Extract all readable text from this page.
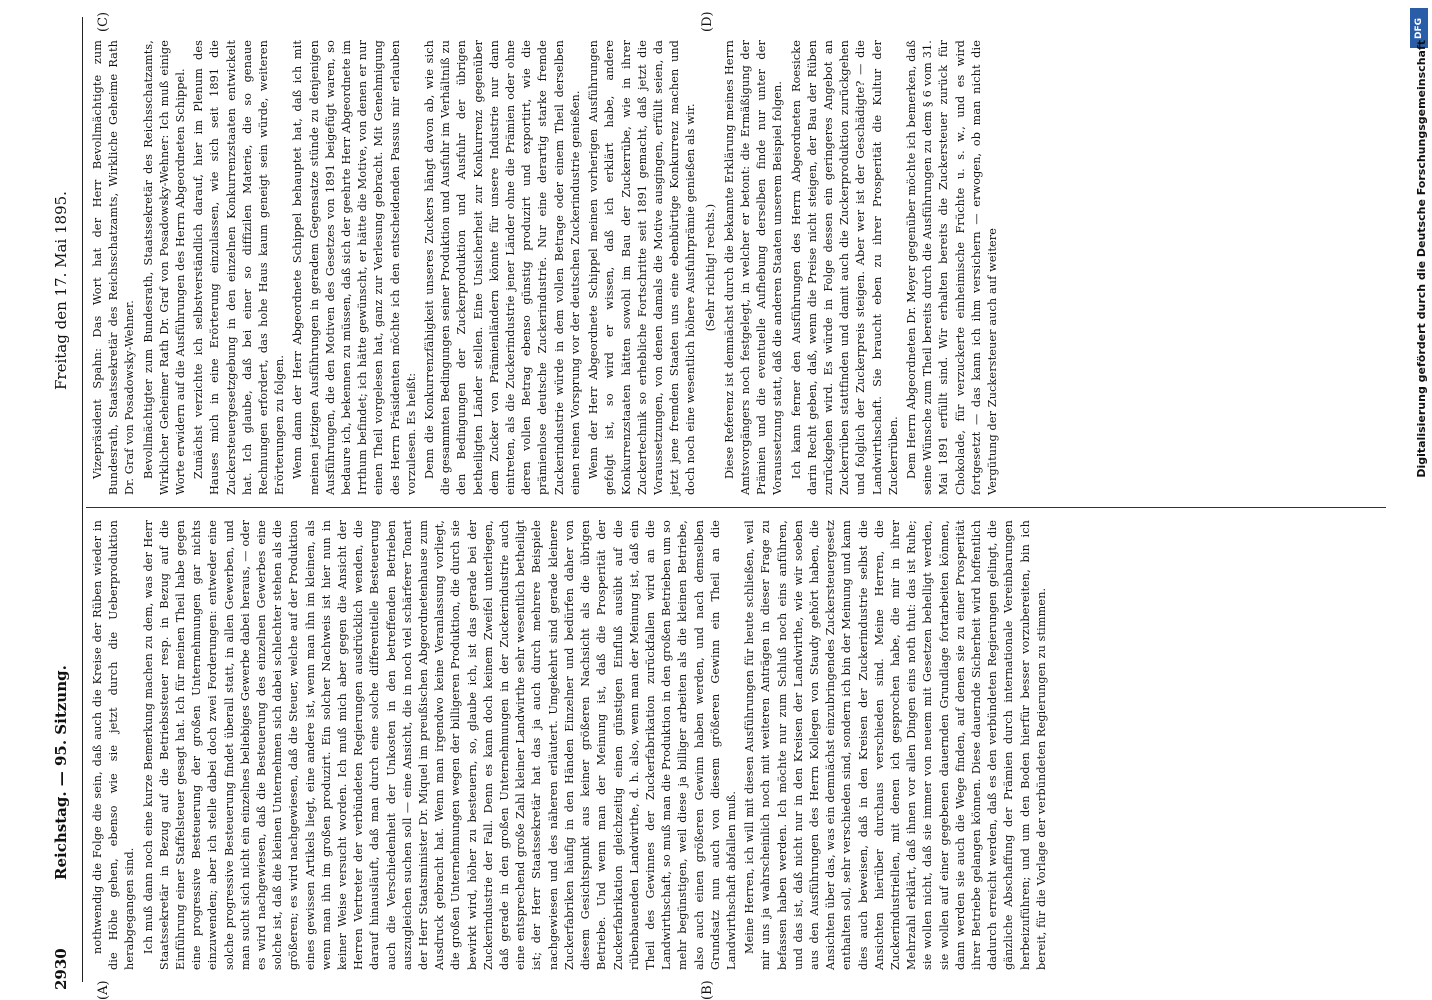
2930
Reichstag. — 95. Sitzung.
Freitag den 17. Mai 1895.
(A)	(B)
(C)	(D)

nothwendig die Folge die sein, daß auch die Kreise der Rüben wieder in die Höhe gehen, ebenso wie sie jetzt durch die Ueberproduktion herabgegangen sind. Ich muß dann noch eine kurze Bemerkung machen zu dem, was der Herr Staatssekretär in Bezug auf die Betriebssteuer resp. in Bezug auf die Einführung einer Staffelsteuer gesagt hat. Ich für meinen Theil habe gegen eine progressive Besteuerung der großen Unternehmungen gar nichts einzuwenden; aber ich stelle dabei doch zwei Forderungen: entweder eine solche progressive Besteuerung findet überall statt, in allen Gewerben, und man sucht sich nicht ein einzelnes beliebiges Gewerbe dabei heraus, — oder es wird nachgewiesen, daß die Besteuerung des einzelnen Gewerbes eine solche ist, daß die kleinen Unternehmen sich dabei schlechter stehen als die größeren; es wird nachgewiesen, daß die Steuer, welche auf der Produktion eines gewissen Artikels liegt, eine andere ist, wenn man ihn im kleinen, als wenn man ihn im großen produzirt. Ein solcher Nachweis ist hier nun in keiner Weise versucht worden. Ich muß mich aber gegen die Ansicht der Herren Vertreter der verbündeten Regierungen ausdrücklich wenden, die darauf hinausläuft, daß man durch eine solche differentielle Besteuerung auch die Verschiedenheit der Unkosten in den betreffenden Betrieben auszugleichen suchen soll — eine Ansicht, die in noch viel schärferer Tonart der Herr Staatsminister Dr. Miquel im preußischen Abgeordnetenhause zum Ausdruck gebracht hat. Wenn man irgendwo keine Veranlassung vorliegt, die großen Unternehmungen wegen der billigeren Produktion, die durch sie bewirkt wird, höher zu besteuern, so, glaube ich, ist das gerade bei der Zuckerindustrie der Fall. Denn es kann doch keinem Zweifel unterliegen, daß gerade in den großen Unternehmungen in der Zuckerindustrie auch eine entsprechend große Zahl kleiner Landwirthe sehr wesentlich betheiligt ist; der Herr Staatssekretär hat das ja auch durch mehrere Beispiele nachgewiesen und des näheren erläutert. Umgekehrt sind gerade kleinere Zuckerfabriken häufig in den Händen Einzelner und bedürfen daher von diesem Gesichtspunkt aus keiner größeren Nachsicht als die übrigen Betriebe. Und wenn man der Meinung ist, daß die Prosperität der Zuckerfabrikation gleichzeitig einen günstigen Einfluß ausübt auf die rübenbauenden Landwirthe, d. h. also, wenn man der Meinung ist, daß ein Theil des Gewinnes der Zuckerfabrikation zurückfallen wird an die Landwirthschaft, so muß man die Produktion in den großen Betrieben um so mehr begünstigen, weil diese ja billiger arbeiten als die kleinen Betriebe, also auch einen größeren Gewinn haben werden, und nach demselben Grundsatz nun auch von diesem größeren Gewinn ein Theil an die Landwirthschaft abfallen muß. Meine Herren, ich will mit diesen Ausführungen für heute schließen, weil mir uns ja wahrscheinlich noch mit weiteren Anträgen in dieser Frage zu befassen haben werden. Ich möchte nur zum Schluß noch eins anführen, und das ist, daß nicht nur in den Kreisen der Landwirthe, wie wir soeben aus den Ausführungen des Herrn Kollegen von Staudy gehört haben, die Ansichten über das, was ein demnächst einzubringendes Zuckersteuergesetz enthalten soll, sehr verschieden sind, sondern ich bin der Meinung und kann dies auch beweisen, daß in den Kreisen der Zuckerindustrie selbst die Ansichten hierüber durchaus verschieden sind. Meine Herren, die Zuckerindustriellen, mit denen ich gesprochen habe, die mir in ihrer Mehrzahl erklärt, daß ihnen vor allen Dingen eins noth thut: das ist Ruhe; sie wollen nicht, daß sie immer von neuem mit Gesetzen behelligt werden, sie wollen auf einer gegebenen dauernden Grundlage fortarbeiten können, dann werden sie auch die Wege finden, auf denen sie zu einer Prosperität ihrer Betriebe gelangen können. Diese dauernde Sicherheit wird hoffentlich dadurch erreicht werden, daß es den verbündeten Regierungen gelingt, die gänzliche Abschaffung der Prämien durch internationale Vereinbarungen herbeizuführen; und um den Boden hierfür besser vorzubereiten, bin ich bereit, für die Vorlage der verbündeten Regierungen zu stimmen.

Vizepräsident Spahn: Das Wort hat der Herr Bevollmächtigte zum Bundesrath, Staatssekretär des Reichsschatzamts, Wirkliche Geheime Rath Dr. Graf von Posadowsky-Wehner. Bevollmächtigter zum Bundesrath, Staatssekretär des Reichsschatzamts, Wirklicher Geheimer Rath Dr. Graf von Posadowsky-Wehner: Ich muß einige Worte erwidern auf die Ausführungen des Herrn Abgeordneten Schippel. Zunächst verzichte ich selbstverständlich darauf, hier im Plenum des Hauses mich in eine Erörterung einzulassen, wie sich seit 1891 die Zuckersteuergesetzgebung in den einzelnen Konkurrenzstaaten entwickelt hat. Ich glaube, daß bei einer so diffizilen Materie, die so genaue Rechnungen erfordert, das hohe Haus kaum geneigt sein würde, weiteren Erörterungen zu folgen. Wenn dann der Herr Abgeordnete Schippel behauptet hat, daß ich mit meinen jetzigen Ausführungen in geradem Gegensatze stünde zu denjenigen Ausführungen, die den Motiven des Gesetzes von 1891 beigefügt waren, so bedaure ich, bekennen zu müssen, daß sich der geehrte Herr Abgeordnete im Irrthum befindet; ich hätte gewünscht, er hätte die Motive, von denen er nur einen Theil vorgelesen hat, ganz zur Verlesung gebracht. Mit Genehmigung des Herrn Präsidenten möchte ich den entscheidenden Passus mir erlauben vorzulesen. Es heißt: Denn die Konkurrenzfähigkeit unseres Zuckers hängt davon ab, wie sich die gesammten Bedingungen seiner Produktion und Ausfuhr im Verhältniß zu den Bedingungen der Zuckerproduktion und Ausfuhr der übrigen betheiligten Länder stellen. Eine Unsicherheit zur Konkurrenz gegenüber dem Zucker von Prämienländern könnte für unsere Industrie nur dann eintreten, als die Zuckerindustrie jener Länder ohne die Prämien oder ohne deren vollen Betrag ebenso günstig produzirt und exportirt, wie die prämienlose deutsche Zuckerindustrie. Nur eine derartig starke fremde Zuckerindustrie würde in dem vollen Betrage oder einem Theil derselben einen reinen Vorsprung vor der deutschen Zuckerindustrie genießen. Wenn der Herr Abgeordnete Schippel meinen vorherigen Ausführungen gefolgt ist, so wird er wissen, daß ich erklärt habe, andere Konkurrenzstaaten hätten sowohl im Bau der Zuckerrübe, wie in ihrer Zuckertechnik so erhebliche Fortschritte seit 1891 gemacht, daß jetzt die Voraussetzungen, von denen damals die Motive ausgingen, erfüllt seien, da jetzt jene fremden Staaten uns eine ebenbürtige Konkurrenz machen und doch noch eine wesentlich höhere Ausfuhrprämie genießen als wir. (Sehr richtig! rechts.) Diese Referenz ist demnächst durch die bekannte Erklärung meines Herrn Amtsvorgängers noch festgelegt, in welcher er betont: die Ermäßigung der Prämien und die eventuelle Aufhebung derselben finde nur unter der Voraussetzung statt, daß die anderen Staaten unserem Beispiel folgen. Ich kann ferner den Ausführungen des Herrn Abgeordneten Roesicke darin Recht geben, daß, wenn die Preise nicht steigen, der Bau der Rüben zurückgehen wird. Es würde in Folge dessen ein geringeres Angebot an Zuckerrüben stattfinden und damit auch die Zuckerproduktion zurückgehen und folglich der Zuckerpreis steigen. Aber wer ist der Geschädigte? — die Landwirthschaft. Sie braucht eben zu ihrer Prosperität die Kultur der Zuckerrüben. Dem Herrn Abgeordneten Dr. Meyer gegenüber möchte ich bemerken, daß seine Wünsche zum Theil bereits durch die Ausführungen zu dem § 6 vom 31. Mai 1891 erfüllt sind. Wir erhalten bereits die Zuckersteuer zurück für Chokolade, für verzuckerte einheimische Früchte u. s. w., und es wird fortgesetzt — das kann ich ihm versichern — erwogen, ob man nicht die Vergütung der Zuckersteuer auch auf weitere

DFG
Digitalisierung gefördert durch die Deutsche Forschungsgemeinschaft
